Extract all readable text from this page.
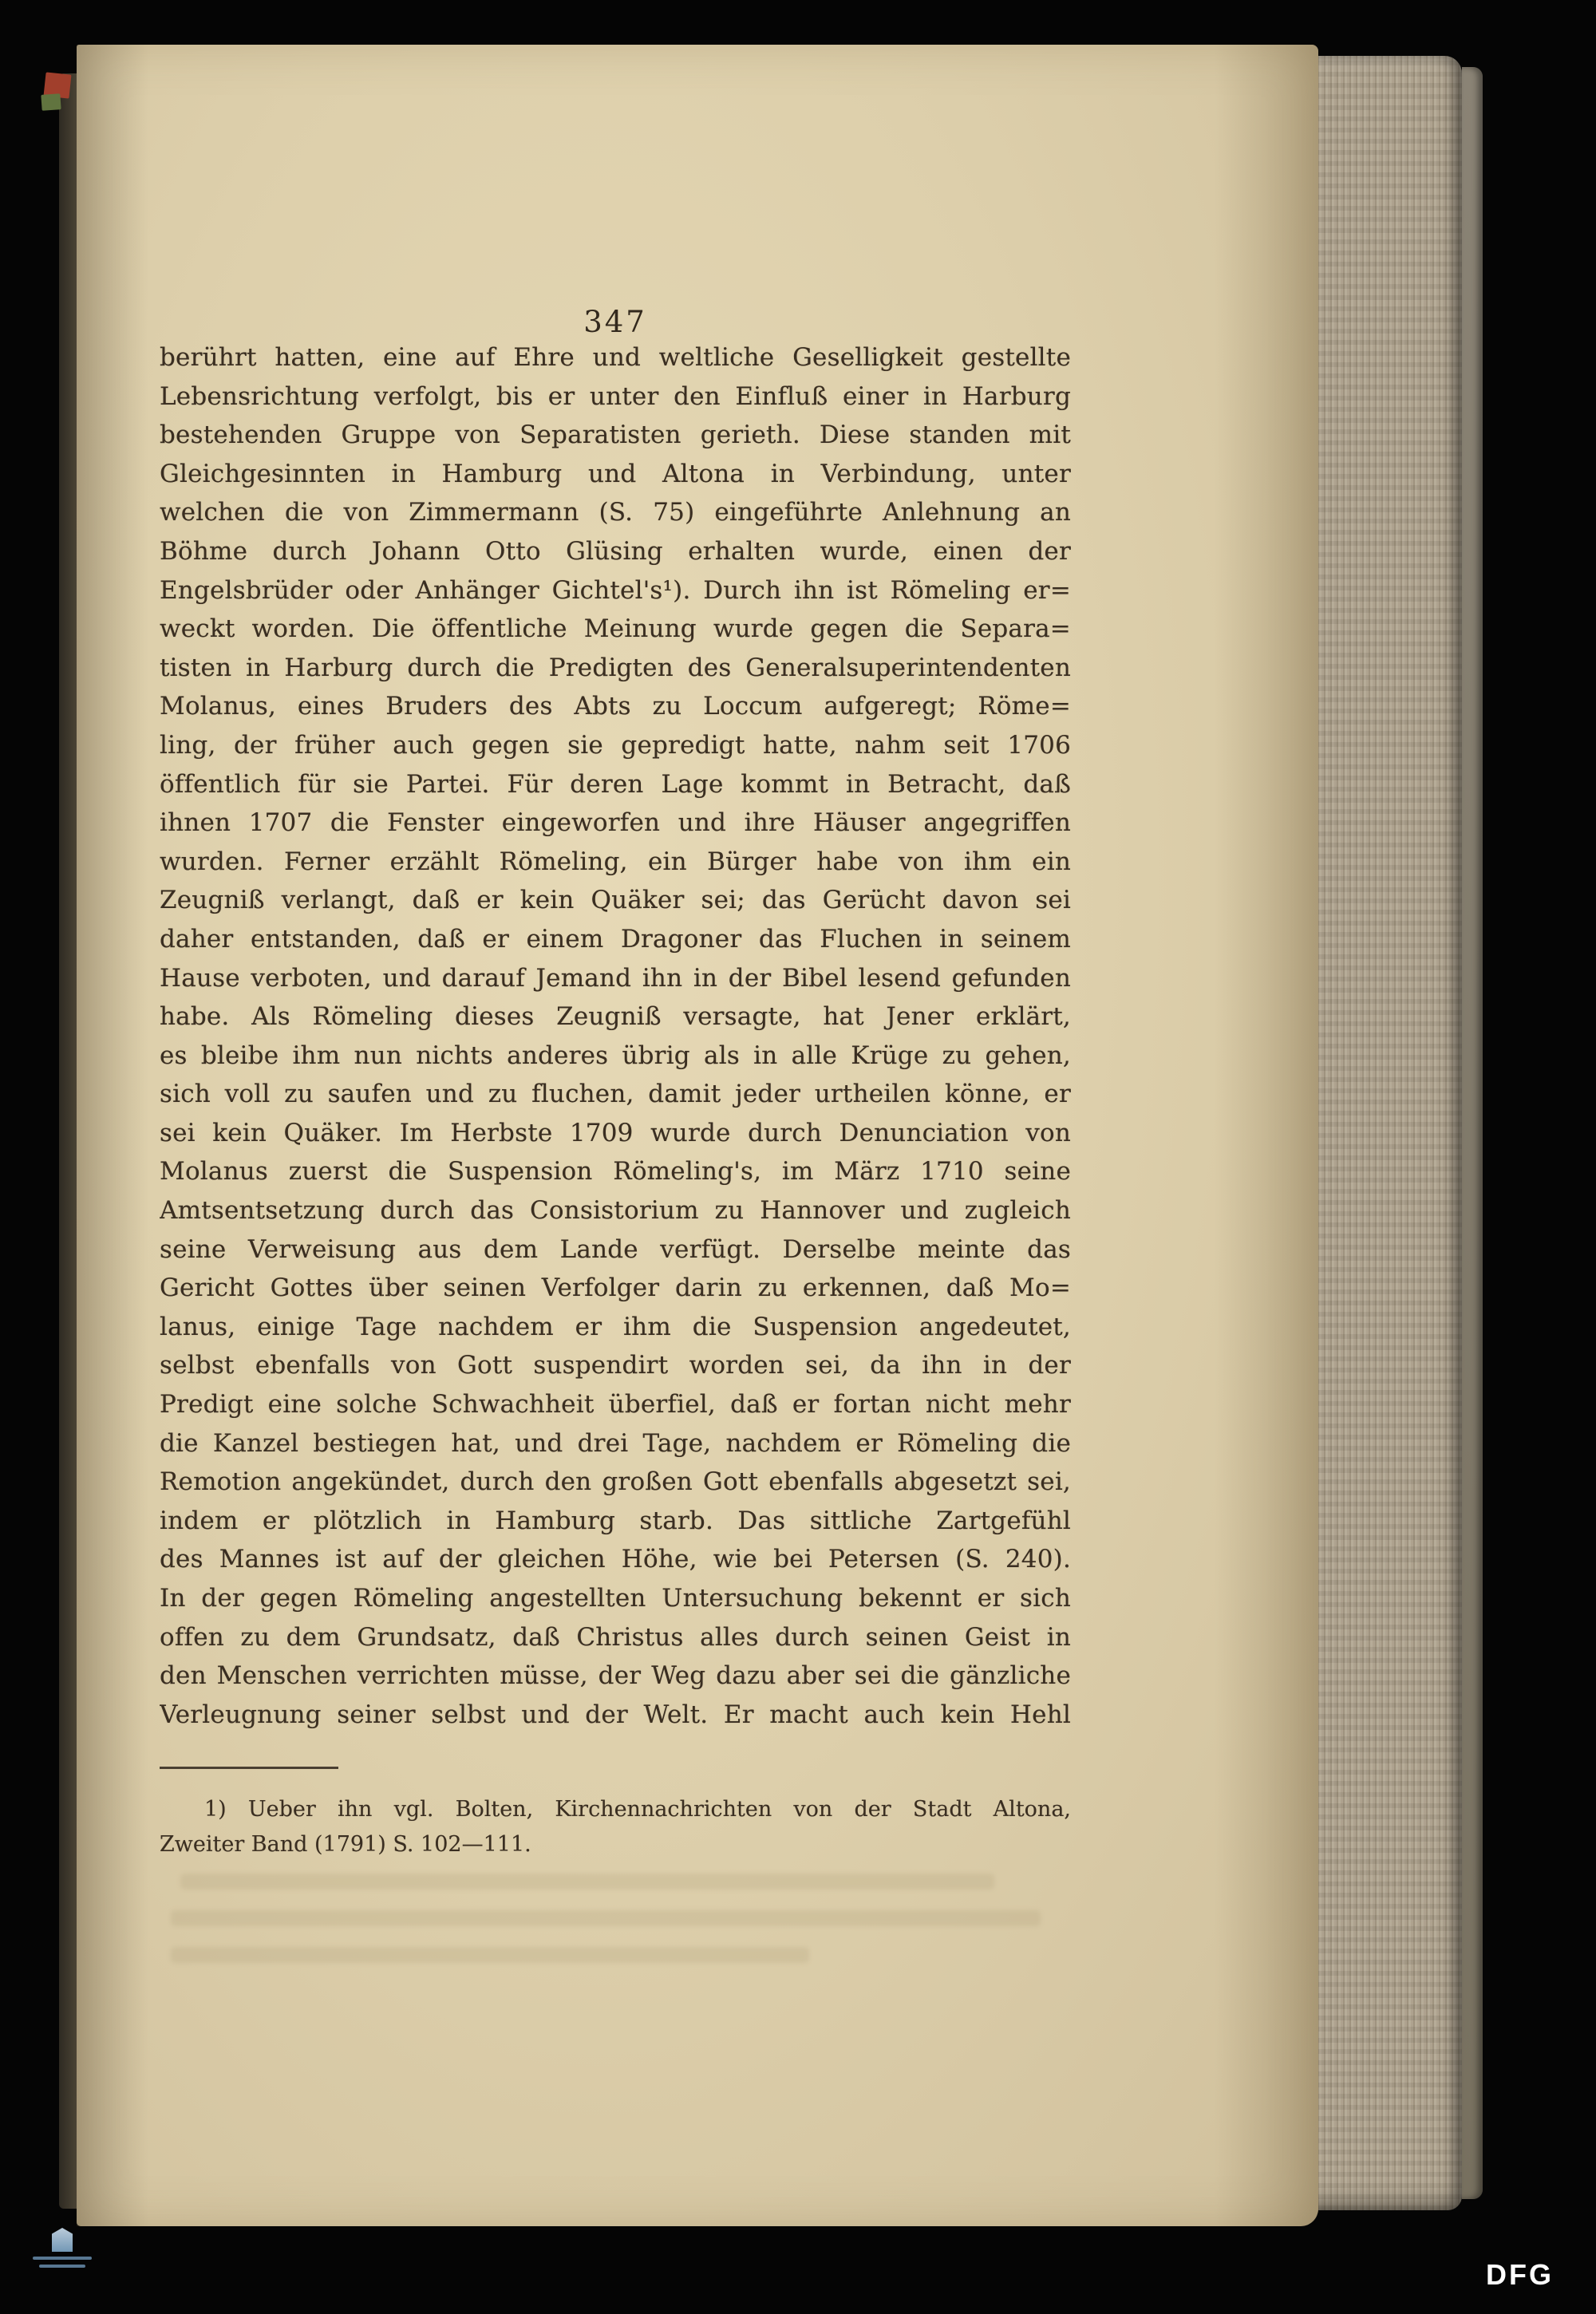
347
berührt hatten, eine auf Ehre und weltliche Geselligkeit gestellte
Lebensrichtung verfolgt, bis er unter den Einfluß einer in Harburg
bestehenden Gruppe von Separatisten gerieth. Diese standen mit
Gleichgesinnten in Hamburg und Altona in Verbindung, unter
welchen die von Zimmermann (S. 75) eingeführte Anlehnung an
Böhme durch Johann Otto Glüsing erhalten wurde, einen der
Engelsbrüder oder Anhänger Gichtel's¹). Durch ihn ist Römeling er=
weckt worden. Die öffentliche Meinung wurde gegen die Separa=
tisten in Harburg durch die Predigten des Generalsuperintendenten
Molanus, eines Bruders des Abts zu Loccum aufgeregt; Röme=
ling, der früher auch gegen sie gepredigt hatte, nahm seit 1706
öffentlich für sie Partei. Für deren Lage kommt in Betracht, daß
ihnen 1707 die Fenster eingeworfen und ihre Häuser angegriffen
wurden. Ferner erzählt Römeling, ein Bürger habe von ihm ein
Zeugniß verlangt, daß er kein Quäker sei; das Gerücht davon sei
daher entstanden, daß er einem Dragoner das Fluchen in seinem
Hause verboten, und darauf Jemand ihn in der Bibel lesend gefunden
habe. Als Römeling dieses Zeugniß versagte, hat Jener erklärt,
es bleibe ihm nun nichts anderes übrig als in alle Krüge zu gehen,
sich voll zu saufen und zu fluchen, damit jeder urtheilen könne, er
sei kein Quäker. Im Herbste 1709 wurde durch Denunciation von
Molanus zuerst die Suspension Römeling's, im März 1710 seine
Amtsentsetzung durch das Consistorium zu Hannover und zugleich
seine Verweisung aus dem Lande verfügt. Derselbe meinte das
Gericht Gottes über seinen Verfolger darin zu erkennen, daß Mo=
lanus, einige Tage nachdem er ihm die Suspension angedeutet,
selbst ebenfalls von Gott suspendirt worden sei, da ihn in der
Predigt eine solche Schwachheit überfiel, daß er fortan nicht mehr
die Kanzel bestiegen hat, und drei Tage, nachdem er Römeling die
Remotion angekündet, durch den großen Gott ebenfalls abgesetzt sei,
indem er plötzlich in Hamburg starb. Das sittliche Zartgefühl
des Mannes ist auf der gleichen Höhe, wie bei Petersen (S. 240).
In der gegen Römeling angestellten Untersuchung bekennt er sich
offen zu dem Grundsatz, daß Christus alles durch seinen Geist in
den Menschen verrichten müsse, der Weg dazu aber sei die gänzliche
Verleugnung seiner selbst und der Welt. Er macht auch kein Hehl
1) Ueber ihn vgl. Bolten, Kirchennachrichten von der Stadt Altona,
Zweiter Band (1791) S. 102—111.
DFG
